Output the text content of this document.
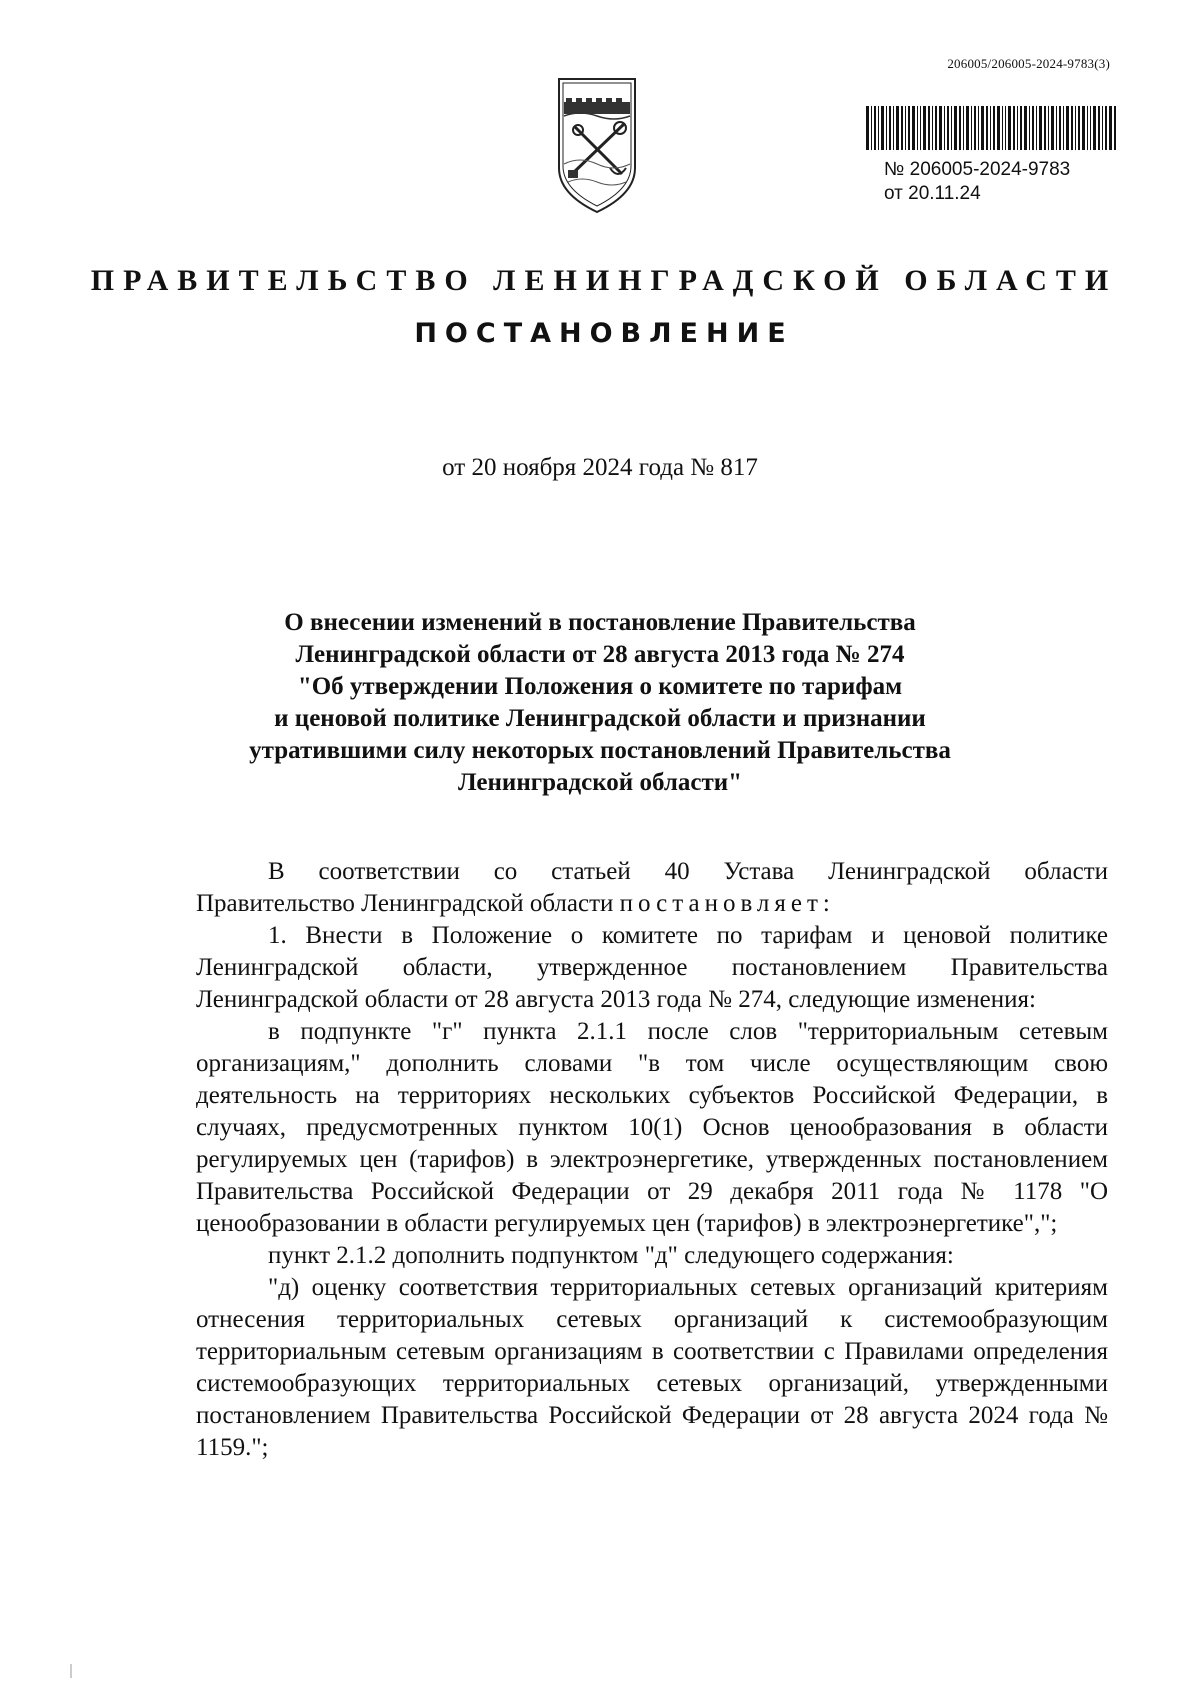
206005/206005-2024-9783(3)
№ 206005-2024-9783
от 20.11.24
ПРАВИТЕЛЬСТВО ЛЕНИНГРАДСКОЙ ОБЛАСТИ
ПОСТАНОВЛЕНИЕ
от 20 ноября 2024 года № 817
О внесении изменений в постановление Правительства
Ленинградской области от 28 августа 2013 года № 274
"Об утверждении Положения о комитете по тарифам
и ценовой политике Ленинградской области и признании
утратившими силу некоторых постановлений Правительства
Ленинградской области"

В соответствии со статьей 40 Устава Ленинградской области
Правительство Ленинградской области постановляет:

1. Внести в Положение о комитете по тарифам и ценовой политике Ленинградской области, утвержденное постановлением Правительства Ленинградской области от 28 августа 2013 года № 274, следующие изменения:

в подпункте "г" пункта 2.1.1 после слов "территориальным сетевым организациям," дополнить словами "в том числе осуществляющим свою деятельность на территориях нескольких субъектов Российской Федерации, в случаях, предусмотренных пунктом 10(1) Основ ценообразования в области регулируемых цен (тарифов) в электроэнергетике, утвержденных постановлением Правительства Российской Федерации от 29 декабря 2011 года № 1178 "О ценообразовании в области регулируемых цен (тарифов) в электроэнергетике",";

пункт 2.1.2 дополнить подпунктом "д" следующего содержания:

"д) оценку соответствия территориальных сетевых организаций критериям отнесения территориальных сетевых организаций к системообразующим территориальным сетевым организациям в соответствии с Правилами определения системообразующих территориальных сетевых организаций, утвержденными постановлением Правительства Российской Федерации от 28 августа 2024 года № 1159.";
